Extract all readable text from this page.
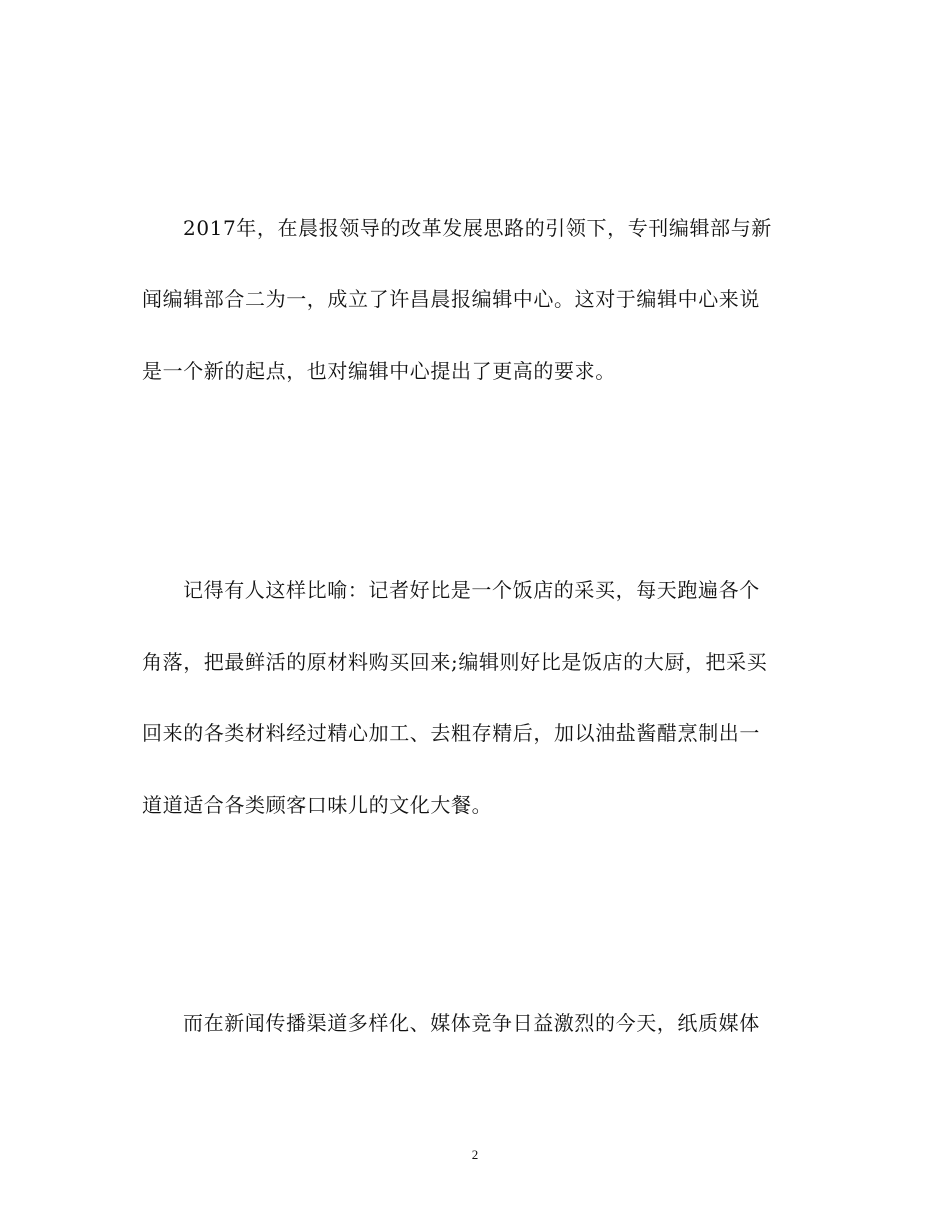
2017年，在晨报领导的改革发展思路的引领下，专刊编辑部与新
闻编辑部合二为一，成立了许昌晨报编辑中心。这对于编辑中心来说
是一个新的起点，也对编辑中心提出了更高的要求。
记得有人这样比喻：记者好比是一个饭店的采买，每天跑遍各个
角落，把最鲜活的原材料购买回来;编辑则好比是饭店的大厨，把采买
回来的各类材料经过精心加工、去粗存精后，加以油盐酱醋烹制出一
道道适合各类顾客口味儿的文化大餐。
而在新闻传播渠道多样化、媒体竞争日益激烈的今天，纸质媒体
2
